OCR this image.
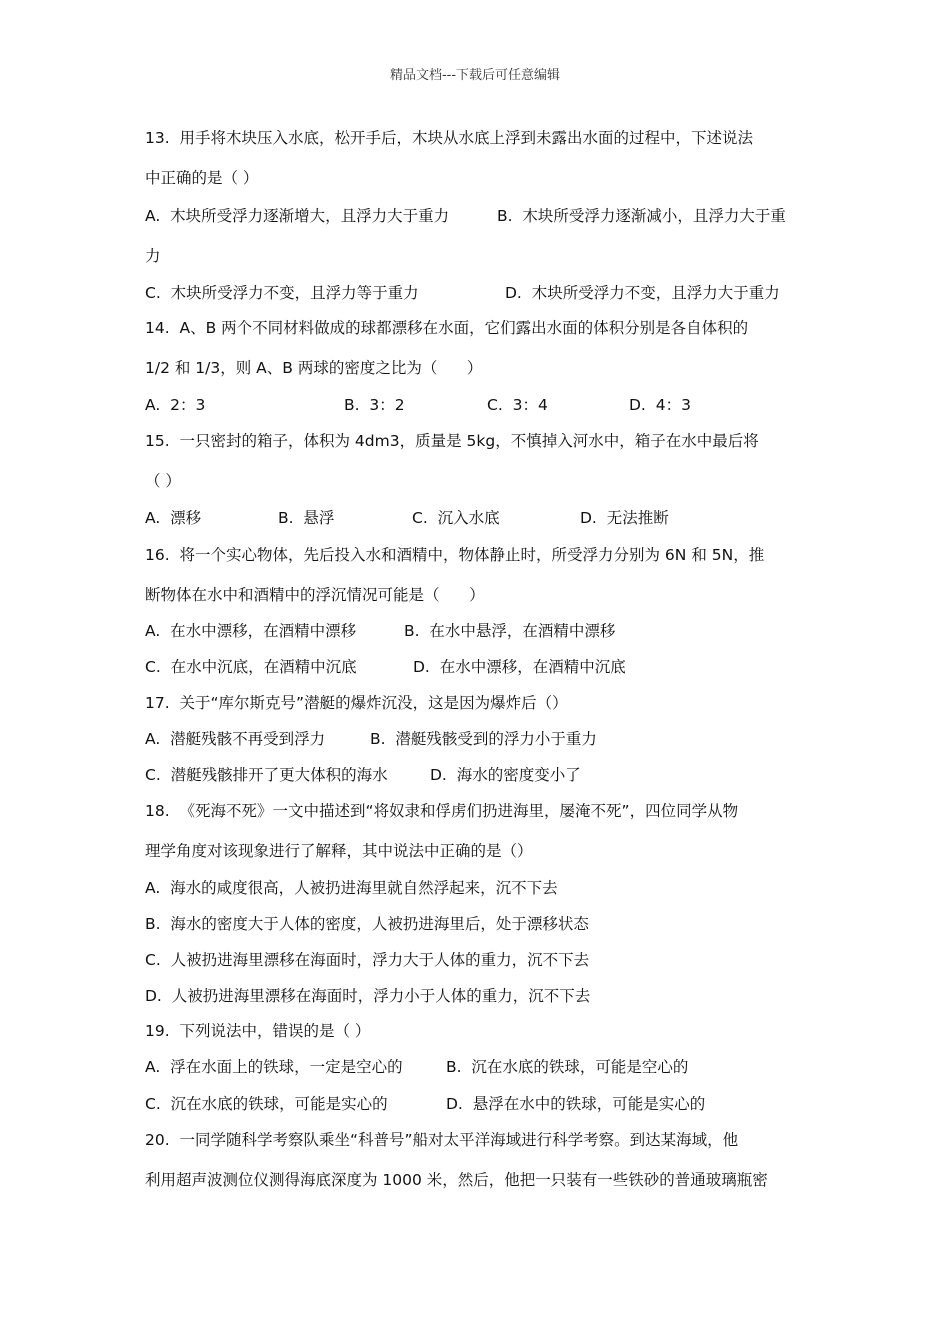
精品文档---下载后可任意编辑
13.  用手将木块压入水底，松开手后，木块从水底上浮到未露出水面的过程中，下述说法
中正确的是（ ）
A.  木块所受浮力逐渐增大，且浮力大于重力	B.  木块所受浮力逐渐减小，且浮力大于重
力
C.  木块所受浮力不变，且浮力等于重力	D.  木块所受浮力不变，且浮力大于重力
14.  A、B 两个不同材料做成的球都漂移在水面，它们露出水面的体积分别是各自体积的
1/2 和 1/3，则 A、B 两球的密度之比为（      ）
A.  2：3	B.  3：2	C.  3：4	D.  4：3
15.  一只密封的箱子，体积为 4dm3，质量是 5kg，不慎掉入河水中，箱子在水中最后将
（ ）
A.  漂移	B.  悬浮	C.  沉入水底	D.  无法推断
16.  将一个实心物体，先后投入水和酒精中，物体静止时，所受浮力分别为 6N 和 5N，推
断物体在水中和酒精中的浮沉情况可能是（      ）
A.  在水中漂移，在酒精中漂移	B.  在水中悬浮，在酒精中漂移
C.  在水中沉底，在酒精中沉底	D.  在水中漂移，在酒精中沉底
17.  关于“库尔斯克号”潜艇的爆炸沉没，这是因为爆炸后（）
A.  潜艇残骸不再受到浮力	B.  潜艇残骸受到的浮力小于重力
C.  潜艇残骸排开了更大体积的海水	D.  海水的密度变小了
18.  《死海不死》一文中描述到“将奴隶和俘虏们扔进海里，屡淹不死”，四位同学从物
理学角度对该现象进行了解释，其中说法中正确的是（）
A.  海水的咸度很高，人被扔进海里就自然浮起来，沉不下去
B.  海水的密度大于人体的密度，人被扔进海里后，处于漂移状态
C.  人被扔进海里漂移在海面时，浮力大于人体的重力，沉不下去
D.  人被扔进海里漂移在海面时，浮力小于人体的重力，沉不下去
19.  下列说法中，错误的是（ ）
A.  浮在水面上的铁球，一定是空心的	B.  沉在水底的铁球，可能是空心的
C.  沉在水底的铁球，可能是实心的	D.  悬浮在水中的铁球，可能是实心的
20.  一同学随科学考察队乘坐“科普号”船对太平洋海域进行科学考察。到达某海域，他
利用超声波测位仪测得海底深度为 1000 米，然后，他把一只装有一些铁砂的普通玻璃瓶密
